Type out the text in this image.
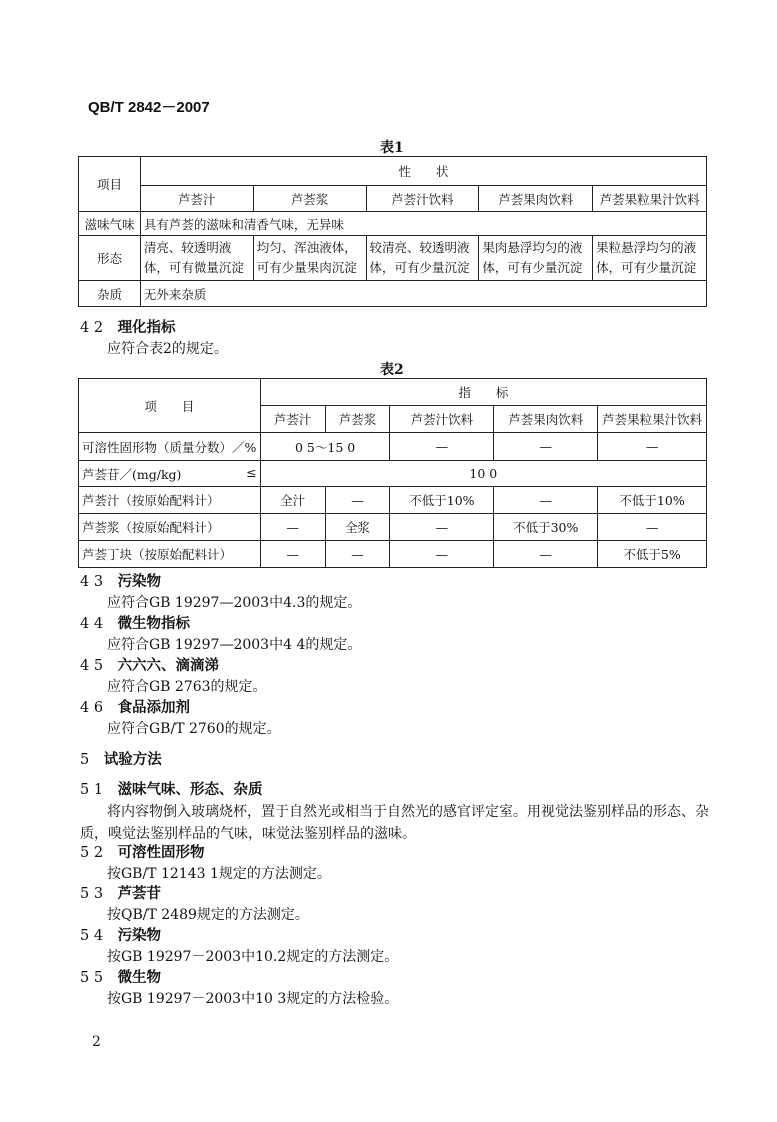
QB/T 2842－2007
表1
项目	性　　状				
	芦荟汁	芦荟浆	芦荟汁饮料	芦荟果肉饮料	芦荟果粒果汁饮料
滋味气味	具有芦荟的滋味和清香气味，无异味				
形态	清亮、较透明液体，可有微量沉淀	均匀、浑浊液体，可有少量果肉沉淀	较清亮、较透明液体，可有少量沉淀	果肉悬浮均匀的液体，可有少量沉淀	果粒悬浮均匀的液体，可有少量沉淀
杂质	无外来杂质				
4 2　 理化指标
应符合表2的规定。
表2
项　　目	指　　标				
	芦荟汁	芦荟浆	芦荟汁饮料	芦荟果肉饮料	芦荟果粒果汁饮料
可溶性固形物（质量分数）／%	0 5～15 0		—	—	—
芦荟苷／(mg/kg) ≤	10 0				
芦荟汁（按原始配料计）	全汁	—	不低于10%	—	不低于10%
芦荟浆（按原始配料计）	—	全浆	—	不低于30%	—
芦荟丁块（按原始配料计）	—	—	—	—	不低于5%
4 3　 污染物
应符合GB 19297—2003中4.3的规定。
4 4　 微生物指标
应符合GB 19297—2003中4 4的规定。
4 5　 六六六、滴滴涕
应符合GB 2763的规定。
4 6　 食品添加剂
应符合GB/T 2760的规定。
5　 试验方法
5 1　 滋味气味、形态、杂质
将内容物倒入玻璃烧杯，置于自然光或相当于自然光的感官评定室。用视觉法鉴别样品的形态、杂
质，嗅觉法鉴别样品的气味，味觉法鉴别样品的滋味。
5 2　 可溶性固形物
按GB/T 12143 1规定的方法测定。
5 3　 芦荟苷
按QB/T 2489规定的方法测定。
5 4　 污染物
按GB 19297－2003中10.2规定的方法测定。
5 5　 微生物
按GB 19297－2003中10 3规定的方法检验。
2
